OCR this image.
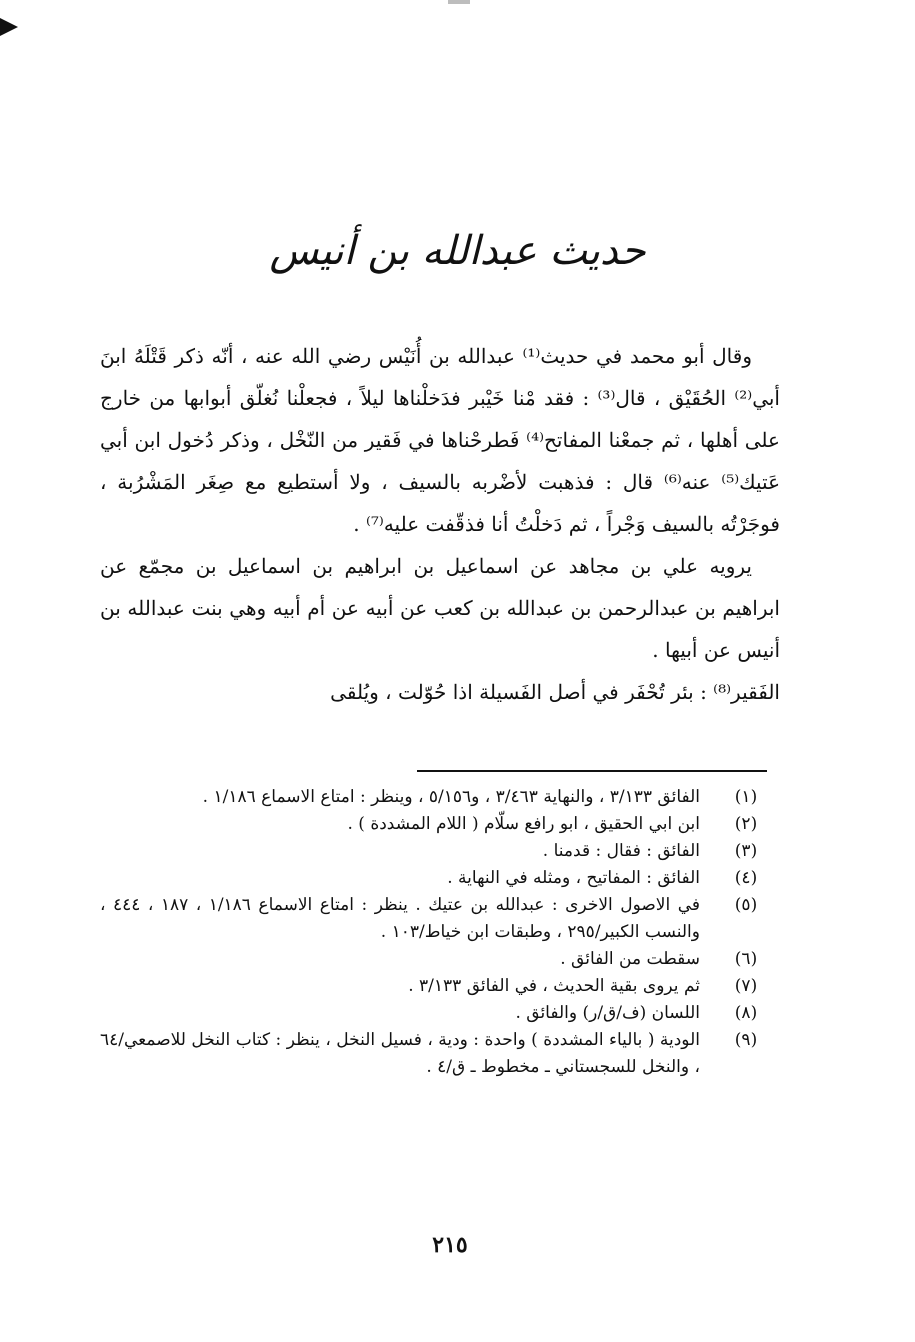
حديث عبدالله بن أنيس

وقال أبو محمد في حديث⁽¹⁾ عبدالله بن أُنَيْس رضي الله عنه ، أنّه ذكر قَتْلَهُ ابنَ أبي⁽²⁾ الحُقَيْق ، قال⁽³⁾ : فقد مْنا خَيْبر فدَخلْناها ليلاً ، فجعلْنا نُغلّق أبوابها من خارج على أهلها ، ثم جمعْنا المفاتح⁽⁴⁾ فَطرحْناها في فَقير من النّخْل ، وذكر دُخول ابن أبي عَتيك⁽⁵⁾ عنه⁽⁶⁾ قال : فذهبت لأضْربه بالسيف ، ولا أستطيع مع صِغَر المَشْرُبة ، فوجَرْتُه بالسيف وَجْراً ، ثم دَخلْتُ أنا فذقّفت عليه⁽⁷⁾ .

يرويه علي بن مجاهد عن اسماعيل بن ابراهيم بن اسماعيل بن مجمّع عن ابراهيم بن عبدالرحمن بن عبدالله بن كعب عن أبيه عن أم أبيه وهي بنت عبدالله بن أنيس عن أبيها .

الفَقير⁽⁸⁾ : بئر تُحْفَر في أصل الفَسيلة اذا حُوّلت ، ويُلقى

(١)
الفائق ٣/١٣٣ ، والنهاية ٣/٤٦٣ ، و٥/١٥٦ ، وينظر : امتاع الاسماع ١/١٨٦ .
(٢)
ابن ابي الحقيق ، ابو رافع سلّام ( اللام المشددة ) .
(٣)
الفائق : فقال : قدمنا .
(٤)
الفائق : المفاتيح ، ومثله في النهاية .
(٥)
في الاصول الاخرى : عبدالله بن عتيك . ينظر : امتاع الاسماع ١/١٨٦ ، ١٨٧ ، ٤٤٤ ، والنسب الكبير/٢٩٥ ، وطبقات ابن خياط/١٠٣ .
(٦)
سقطت من الفائق .
(٧)
ثم يروى بقية الحديث ، في الفائق ٣/١٣٣ .
(٨)
اللسان (ف/ق/ر) والفائق .
(٩)
الودية ( بالياء المشددة ) واحدة : ودية ، فسيل النخل ، ينظر : كتاب النخل للاصمعي/٦٤ ، والنخل للسجستاني ـ مخطوط ـ ق/٤ .
٢١٥
